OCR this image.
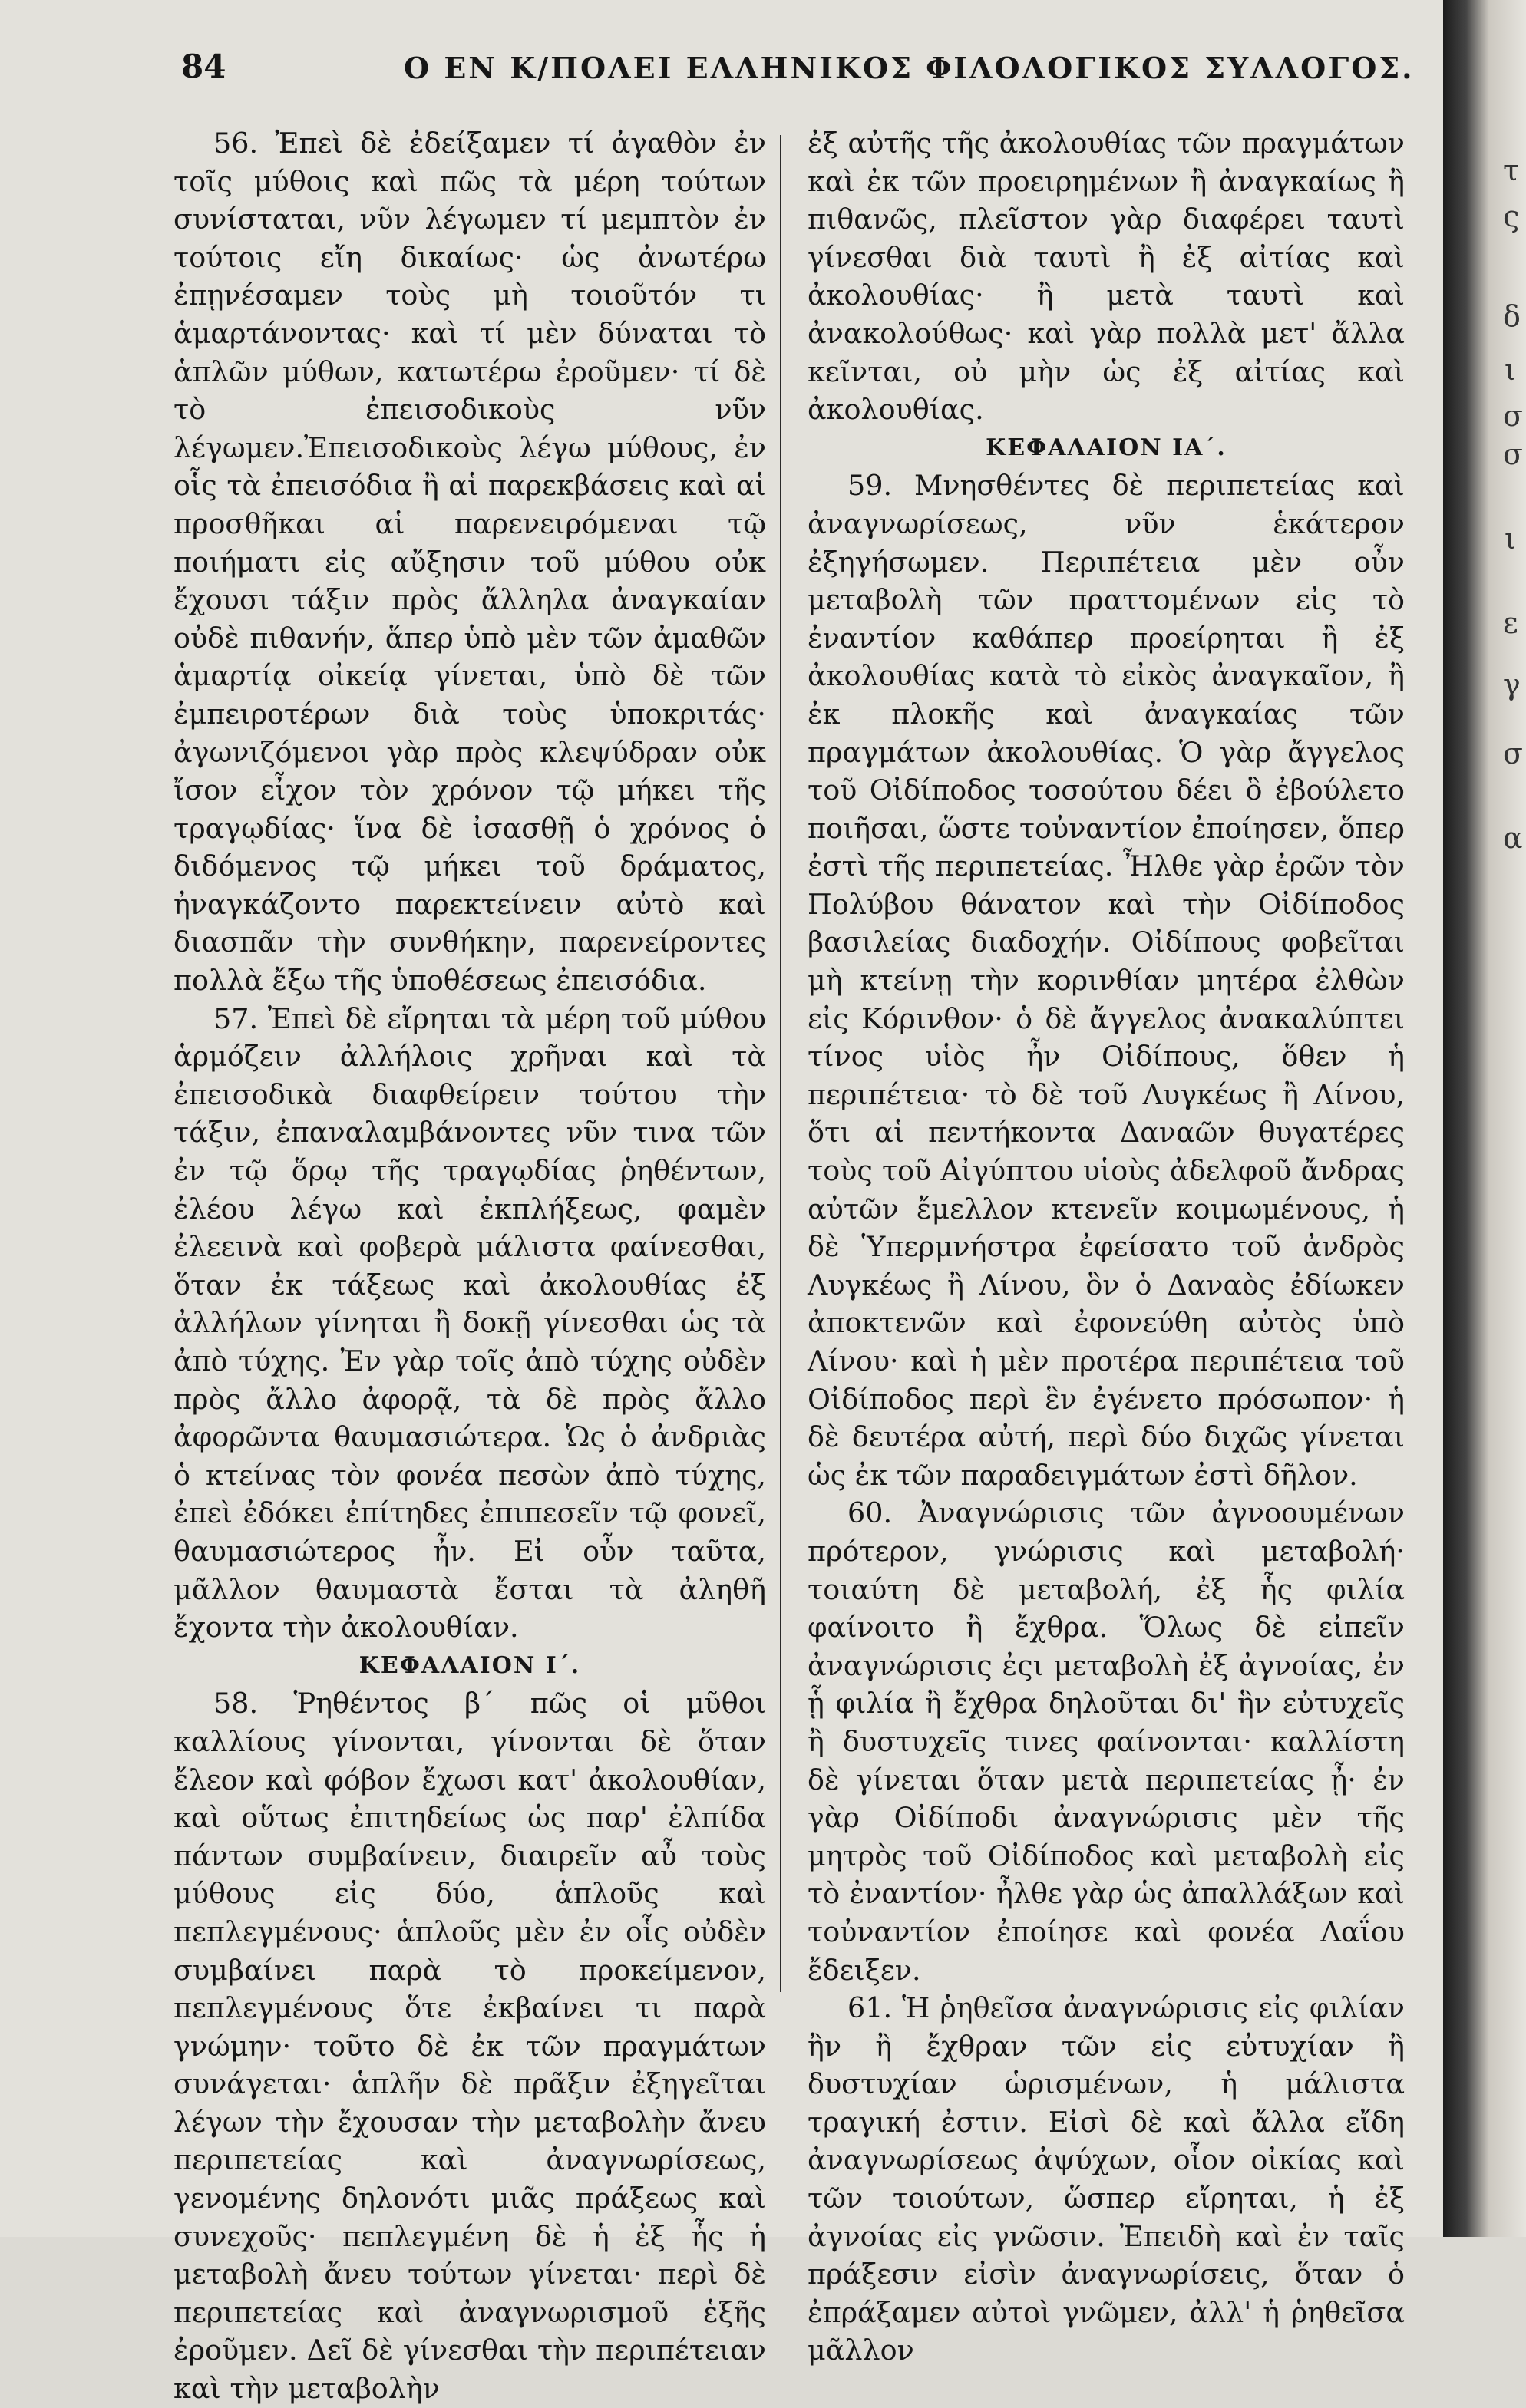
84	Ο ΕΝ Κ/ΠΟΛΕΙ ΕΛΛΗΝΙΚΟΣ ΦΙΛΟΛΟΓΙΚΟΣ ΣΥΛΛΟΓΟΣ.

56. Ἐπεὶ δὲ ἐδείξαμεν τί ἀγαθὸν ἐν τοῖς μύθοις καὶ πῶς τὰ μέρη τούτων συνίσταται, νῦν λέγωμεν τί μεμπτὸν ἐν τούτοις εἴη δικαίως· ὡς ἀνωτέρω ἐπῃνέσαμεν τοὺς μὴ τοιοῦτόν τι ἁμαρτάνοντας· καὶ τί μὲν δύναται τὸ ἁπλῶν μύθων, κατωτέρω ἐροῦμεν· τί δὲ τὸ ἐπεισοδικοὺς νῦν λέγωμεν.Ἐπεισοδικοὺς λέγω μύθους, ἐν οἷς τὰ ἐπεισόδια ἢ αἱ παρεκβάσεις καὶ αἱ προσθῆκαι αἱ παρενειρόμεναι τῷ ποιήματι εἰς αὔξησιν τοῦ μύθου οὐκ ἔχουσι τάξιν πρὸς ἄλληλα ἀναγκαίαν οὐδὲ πιθανήν, ἅπερ ὑπὸ μὲν τῶν ἀμαθῶν ἁμαρτίᾳ οἰκείᾳ γίνεται, ὑπὸ δὲ τῶν ἐμπειροτέρων διὰ τοὺς ὑποκριτάς· ἀγωνιζόμενοι γὰρ πρὸς κλεψύδραν οὐκ ἴσον εἶχον τὸν χρόνον τῷ μήκει τῆς τραγῳδίας· ἵνα δὲ ἰσασθῇ ὁ χρόνος ὁ διδόμενος τῷ μήκει τοῦ δράματος, ἠναγκάζοντο παρεκτείνειν αὐτὸ καὶ διασπᾶν τὴν συνθήκην, παρενείροντες πολλὰ ἔξω τῆς ὑποθέσεως ἐπεισόδια.

57. Ἐπεὶ δὲ εἴρηται τὰ μέρη τοῦ μύθου ἁρμόζειν ἀλλήλοις χρῆναι καὶ τὰ ἐπεισοδικὰ διαφθείρειν τούτου τὴν τάξιν, ἐπαναλαμβάνοντες νῦν τινα τῶν ἐν τῷ ὅρῳ τῆς τραγῳδίας ῥηθέντων, ἐλέου λέγω καὶ ἐκπλήξεως, φαμὲν ἐλεεινὰ καὶ φοβερὰ μάλιστα φαίνεσθαι, ὅταν ἐκ τάξεως καὶ ἀκολουθίας ἐξ ἀλλήλων γίνηται ἢ δοκῇ γίνεσθαι ὡς τὰ ἀπὸ τύχης. Ἐν γὰρ τοῖς ἀπὸ τύχης οὐδὲν πρὸς ἄλλο ἀφορᾷ, τὰ δὲ πρὸς ἄλλο ἀφορῶντα θαυμασιώτερα. Ὡς ὁ ἀνδριὰς ὁ κτείνας τὸν φονέα πεσὼν ἀπὸ τύχης, ἐπεὶ ἐδόκει ἐπίτηδες ἐπιπεσεῖν τῷ φονεῖ, θαυμασιώτερος ἦν. Εἰ οὖν ταῦτα, μᾶλλον θαυμαστὰ ἔσται τὰ ἀληθῆ ἔχοντα τὴν ἀκολουθίαν.

ΚΕΦΑΛΑΙΟΝ Ι΄.

58. Ῥηθέντος β΄ πῶς οἱ μῦθοι καλλίους γίνονται, γίνονται δὲ ὅταν ἔλεον καὶ φόβον ἔχωσι κατ' ἀκολουθίαν, καὶ οὕτως ἐπιτηδείως ὡς παρ' ἐλπίδα πάντων συμβαίνειν, διαιρεῖν αὖ τοὺς μύθους εἰς δύο, ἁπλοῦς καὶ πεπλεγμένους· ἁπλοῦς μὲν ἐν οἷς οὐδὲν συμβαίνει παρὰ τὸ προκείμενον, πεπλεγμένους ὅτε ἐκβαίνει τι παρὰ γνώμην· τοῦτο δὲ ἐκ τῶν πραγμάτων συνάγεται· ἁπλῆν δὲ πρᾶξιν ἐξηγεῖται λέγων τὴν ἔχουσαν τὴν μεταβολὴν ἄνευ περιπετείας καὶ ἀναγνωρίσεως, γενομένης δηλονότι μιᾶς πράξεως καὶ συνεχοῦς· πεπλεγμένη δὲ ἡ ἐξ ἧς ἡ μεταβολὴ ἄνευ τούτων γίνεται· περὶ δὲ περιπετείας καὶ ἀναγνωρισμοῦ ἑξῆς ἐροῦμεν. Δεῖ δὲ γίνεσθαι τὴν περιπέτειαν καὶ τὴν μεταβολὴν

ἐξ αὐτῆς τῆς ἀκολουθίας τῶν πραγμάτων καὶ ἐκ τῶν προειρημένων ἢ ἀναγκαίως ἢ πιθανῶς, πλεῖστον γὰρ διαφέρει ταυτὶ γίνεσθαι διὰ ταυτὶ ἢ ἐξ αἰτίας καὶ ἀκολουθίας· ἢ μετὰ ταυτὶ καὶ ἀνακολούθως· καὶ γὰρ πολλὰ μετ' ἄλλα κεῖνται, οὐ μὴν ὡς ἐξ αἰτίας καὶ ἀκολουθίας.

ΚΕΦΑΛΑΙΟΝ ΙΑ΄.

59. Μνησθέντες δὲ περιπετείας καὶ ἀναγνωρίσεως, νῦν ἑκάτερον ἐξηγήσωμεν. Περιπέτεια μὲν οὖν μεταβολὴ τῶν πραττομένων εἰς τὸ ἐναντίον καθάπερ προείρηται ἢ ἐξ ἀκολουθίας κατὰ τὸ εἰκὸς ἀναγκαῖον, ἢ ἐκ πλοκῆς καὶ ἀναγκαίας τῶν πραγμάτων ἀκολουθίας. Ὁ γὰρ ἄγγελος τοῦ Οἰδίποδος τοσούτου δέει ὃ ἐβούλετο ποιῆσαι, ὥστε τοὐναντίον ἐποίησεν, ὅπερ ἐστὶ τῆς περιπετείας. Ἦλθε γὰρ ἐρῶν τὸν Πολύβου θάνατον καὶ τὴν Οἰδίποδος βασιλείας διαδοχήν. Οἰδίπους φοβεῖται μὴ κτείνῃ τὴν κορινθίαν μητέρα ἐλθὼν εἰς Κόρινθον· ὁ δὲ ἄγγελος ἀνακαλύπτει τίνος υἱὸς ἦν Οἰδίπους, ὅθεν ἡ περιπέτεια· τὸ δὲ τοῦ Λυγκέως ἢ Λίνου, ὅτι αἱ πεντήκοντα Δαναῶν θυγατέρες τοὺς τοῦ Αἰγύπτου υἱοὺς ἀδελφοῦ ἄνδρας αὐτῶν ἔμελλον κτενεῖν κοιμωμένους, ἡ δὲ Ὑπερμνήστρα ἐφείσατο τοῦ ἀνδρὸς Λυγκέως ἢ Λίνου, ὃν ὁ Δαναὸς ἐδίωκεν ἀποκτενῶν καὶ ἐφονεύθη αὐτὸς ὑπὸ Λίνου· καὶ ἡ μὲν προτέρα περιπέτεια τοῦ Οἰδίποδος περὶ ἓν ἐγένετο πρόσωπον· ἡ δὲ δευτέρα αὐτή, περὶ δύο διχῶς γίνεται ὡς ἐκ τῶν παραδειγμάτων ἐστὶ δῆλον.

60. Ἀναγνώρισις τῶν ἀγνοουμένων πρότερον, γνώρισις καὶ μεταβολή· τοιαύτη δὲ μεταβολή, ἐξ ἧς φιλία φαίνοιτο ἢ ἔχθρα. Ὅλως δὲ εἰπεῖν ἀναγνώρισις ἐςι μεταβολὴ ἐξ ἀγνοίας, ἐν ᾗ φιλία ἢ ἔχθρα δηλοῦται δι' ἣν εὐτυχεῖς ἢ δυστυχεῖς τινες φαίνονται· καλλίστη δὲ γίνεται ὅταν μετὰ περιπετείας ᾖ· ἐν γὰρ Οἰδίποδι ἀναγνώρισις μὲν τῆς μητρὸς τοῦ Οἰδίποδος καὶ μεταβολὴ εἰς τὸ ἐναντίον· ἦλθε γὰρ ὡς ἀπαλλάξων καὶ τοὐναντίον ἐποίησε καὶ φονέα Λαΐου ἔδειξεν.

61. Ἡ ῥηθεῖσα ἀναγνώρισις εἰς φιλίαν ἢν ἢ ἔχθραν τῶν εἰς εὐτυχίαν ἢ δυστυχίαν ὡρισμένων, ἡ μάλιστα τραγική ἐστιν. Εἰσὶ δὲ καὶ ἄλλα εἴδη ἀναγνωρίσεως ἀψύχων, οἷον οἰκίας καὶ τῶν τοιούτων, ὥσπερ εἴρηται, ἡ ἐξ ἀγνοίας εἰς γνῶσιν. Ἐπειδὴ καὶ ἐν ταῖς πράξεσιν εἰσὶν ἀναγνωρίσεις, ὅταν ὁ ἐπράξαμεν αὐτοὶ γνῶμεν, ἀλλ' ἡ ῥηθεῖσα μᾶλλον

τ
ς
δ
ι
σ
σ
ι
ε
γ
σ
α
